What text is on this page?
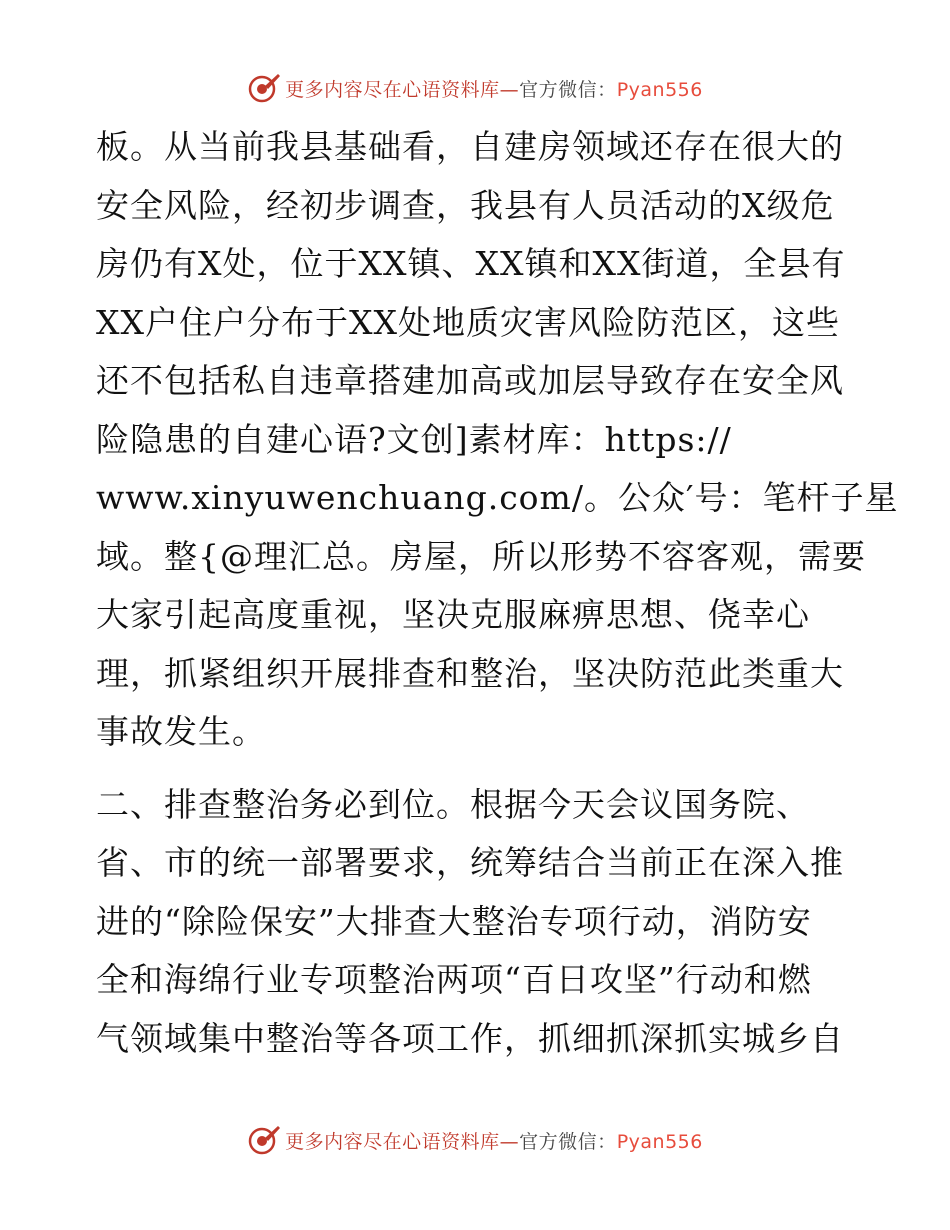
更多内容尽在心语资料库—官方微信：Pyan556
板。从当前我县基础看，自建房领域还存在很大的
安全风险，经初步调查，我县有人员活动的X级危
房仍有X处，位于XX镇、XX镇和XX街道，全县有
XX户住户分布于XX处地质灾害风险防范区，这些
还不包括私自违章搭建加高或加层导致存在安全风
险隐患的自建心语?文创]素材库：https://
www.xinyuwenchuang.com/。公众′号：笔杆子星
域。整{@理汇总。房屋，所以形势不容客观，需要
大家引起高度重视，坚决克服麻痹思想、侥幸心
理，抓紧组织开展排查和整治，坚决防范此类重大
事故发生。
二、排查整治务必到位。根据今天会议国务院、
省、市的统一部署要求，统筹结合当前正在深入推
进的“除险保安”大排查大整治专项行动，消防安
全和海绵行业专项整治两项“百日攻坚”行动和燃
气领域集中整治等各项工作，抓细抓深抓实城乡自
更多内容尽在心语资料库—官方微信：Pyan556
